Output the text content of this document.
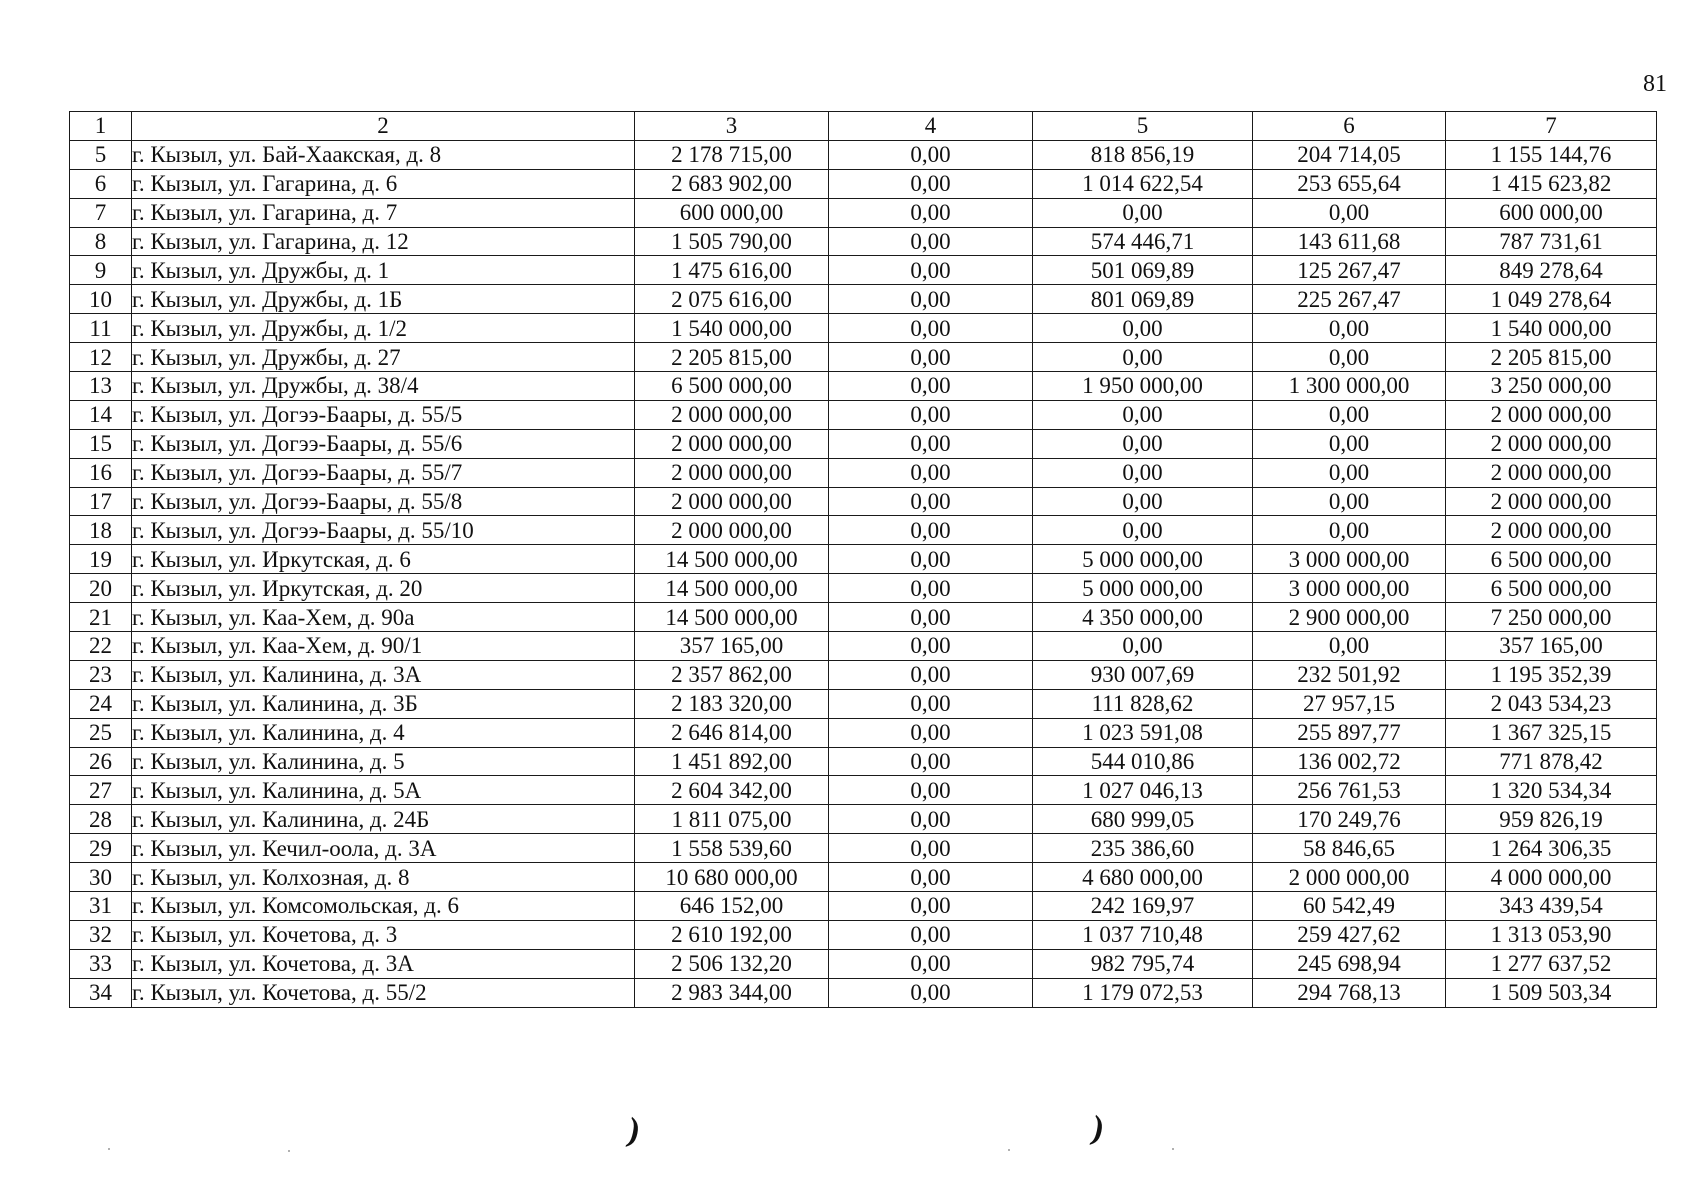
81
1	2	3	4	5	6	7
5	г. Кызыл, ул. Бай-Хаакская, д. 8	2 178 715,00	0,00	818 856,19	204 714,05	1 155 144,76
6	г. Кызыл, ул. Гагарина, д. 6	2 683 902,00	0,00	1 014 622,54	253 655,64	1 415 623,82
7	г. Кызыл, ул. Гагарина, д. 7	600 000,00	0,00	0,00	0,00	600 000,00
8	г. Кызыл, ул. Гагарина, д. 12	1 505 790,00	0,00	574 446,71	143 611,68	787 731,61
9	г. Кызыл, ул. Дружбы, д. 1	1 475 616,00	0,00	501 069,89	125 267,47	849 278,64
10	г. Кызыл, ул. Дружбы, д. 1Б	2 075 616,00	0,00	801 069,89	225 267,47	1 049 278,64
11	г. Кызыл, ул. Дружбы, д. 1/2	1 540 000,00	0,00	0,00	0,00	1 540 000,00
12	г. Кызыл, ул. Дружбы, д. 27	2 205 815,00	0,00	0,00	0,00	2 205 815,00
13	г. Кызыл, ул. Дружбы, д. 38/4	6 500 000,00	0,00	1 950 000,00	1 300 000,00	3 250 000,00
14	г. Кызыл, ул. Догээ-Баары, д. 55/5	2 000 000,00	0,00	0,00	0,00	2 000 000,00
15	г. Кызыл, ул. Догээ-Баары, д. 55/6	2 000 000,00	0,00	0,00	0,00	2 000 000,00
16	г. Кызыл, ул. Догээ-Баары, д. 55/7	2 000 000,00	0,00	0,00	0,00	2 000 000,00
17	г. Кызыл, ул. Догээ-Баары, д. 55/8	2 000 000,00	0,00	0,00	0,00	2 000 000,00
18	г. Кызыл, ул. Догээ-Баары, д. 55/10	2 000 000,00	0,00	0,00	0,00	2 000 000,00
19	г. Кызыл, ул. Иркутская, д. 6	14 500 000,00	0,00	5 000 000,00	3 000 000,00	6 500 000,00
20	г. Кызыл, ул. Иркутская, д. 20	14 500 000,00	0,00	5 000 000,00	3 000 000,00	6 500 000,00
21	г. Кызыл, ул. Каа-Хем, д. 90а	14 500 000,00	0,00	4 350 000,00	2 900 000,00	7 250 000,00
22	г. Кызыл, ул. Каа-Хем, д. 90/1	357 165,00	0,00	0,00	0,00	357 165,00
23	г. Кызыл, ул. Калинина, д. 3А	2 357 862,00	0,00	930 007,69	232 501,92	1 195 352,39
24	г. Кызыл, ул. Калинина, д. 3Б	2 183 320,00	0,00	111 828,62	27 957,15	2 043 534,23
25	г. Кызыл, ул. Калинина, д. 4	2 646 814,00	0,00	1 023 591,08	255 897,77	1 367 325,15
26	г. Кызыл, ул. Калинина, д. 5	1 451 892,00	0,00	544 010,86	136 002,72	771 878,42
27	г. Кызыл, ул. Калинина, д. 5А	2 604 342,00	0,00	1 027 046,13	256 761,53	1 320 534,34
28	г. Кызыл, ул. Калинина, д. 24Б	1 811 075,00	0,00	680 999,05	170 249,76	959 826,19
29	г. Кызыл, ул. Кечил-оола, д. 3А	1 558 539,60	0,00	235 386,60	58 846,65	1 264 306,35
30	г. Кызыл, ул. Колхозная, д. 8	10 680 000,00	0,00	4 680 000,00	2 000 000,00	4 000 000,00
31	г. Кызыл, ул. Комсомольская, д. 6	646 152,00	0,00	242 169,97	60 542,49	343 439,54
32	г. Кызыл, ул. Кочетова, д. 3	2 610 192,00	0,00	1 037 710,48	259 427,62	1 313 053,90
33	г. Кызыл, ул. Кочетова, д. 3А	2 506 132,20	0,00	982 795,74	245 698,94	1 277 637,52
34	г. Кызыл, ул. Кочетова, д. 55/2	2 983 344,00	0,00	1 179 072,53	294 768,13	1 509 503,34
)	)
